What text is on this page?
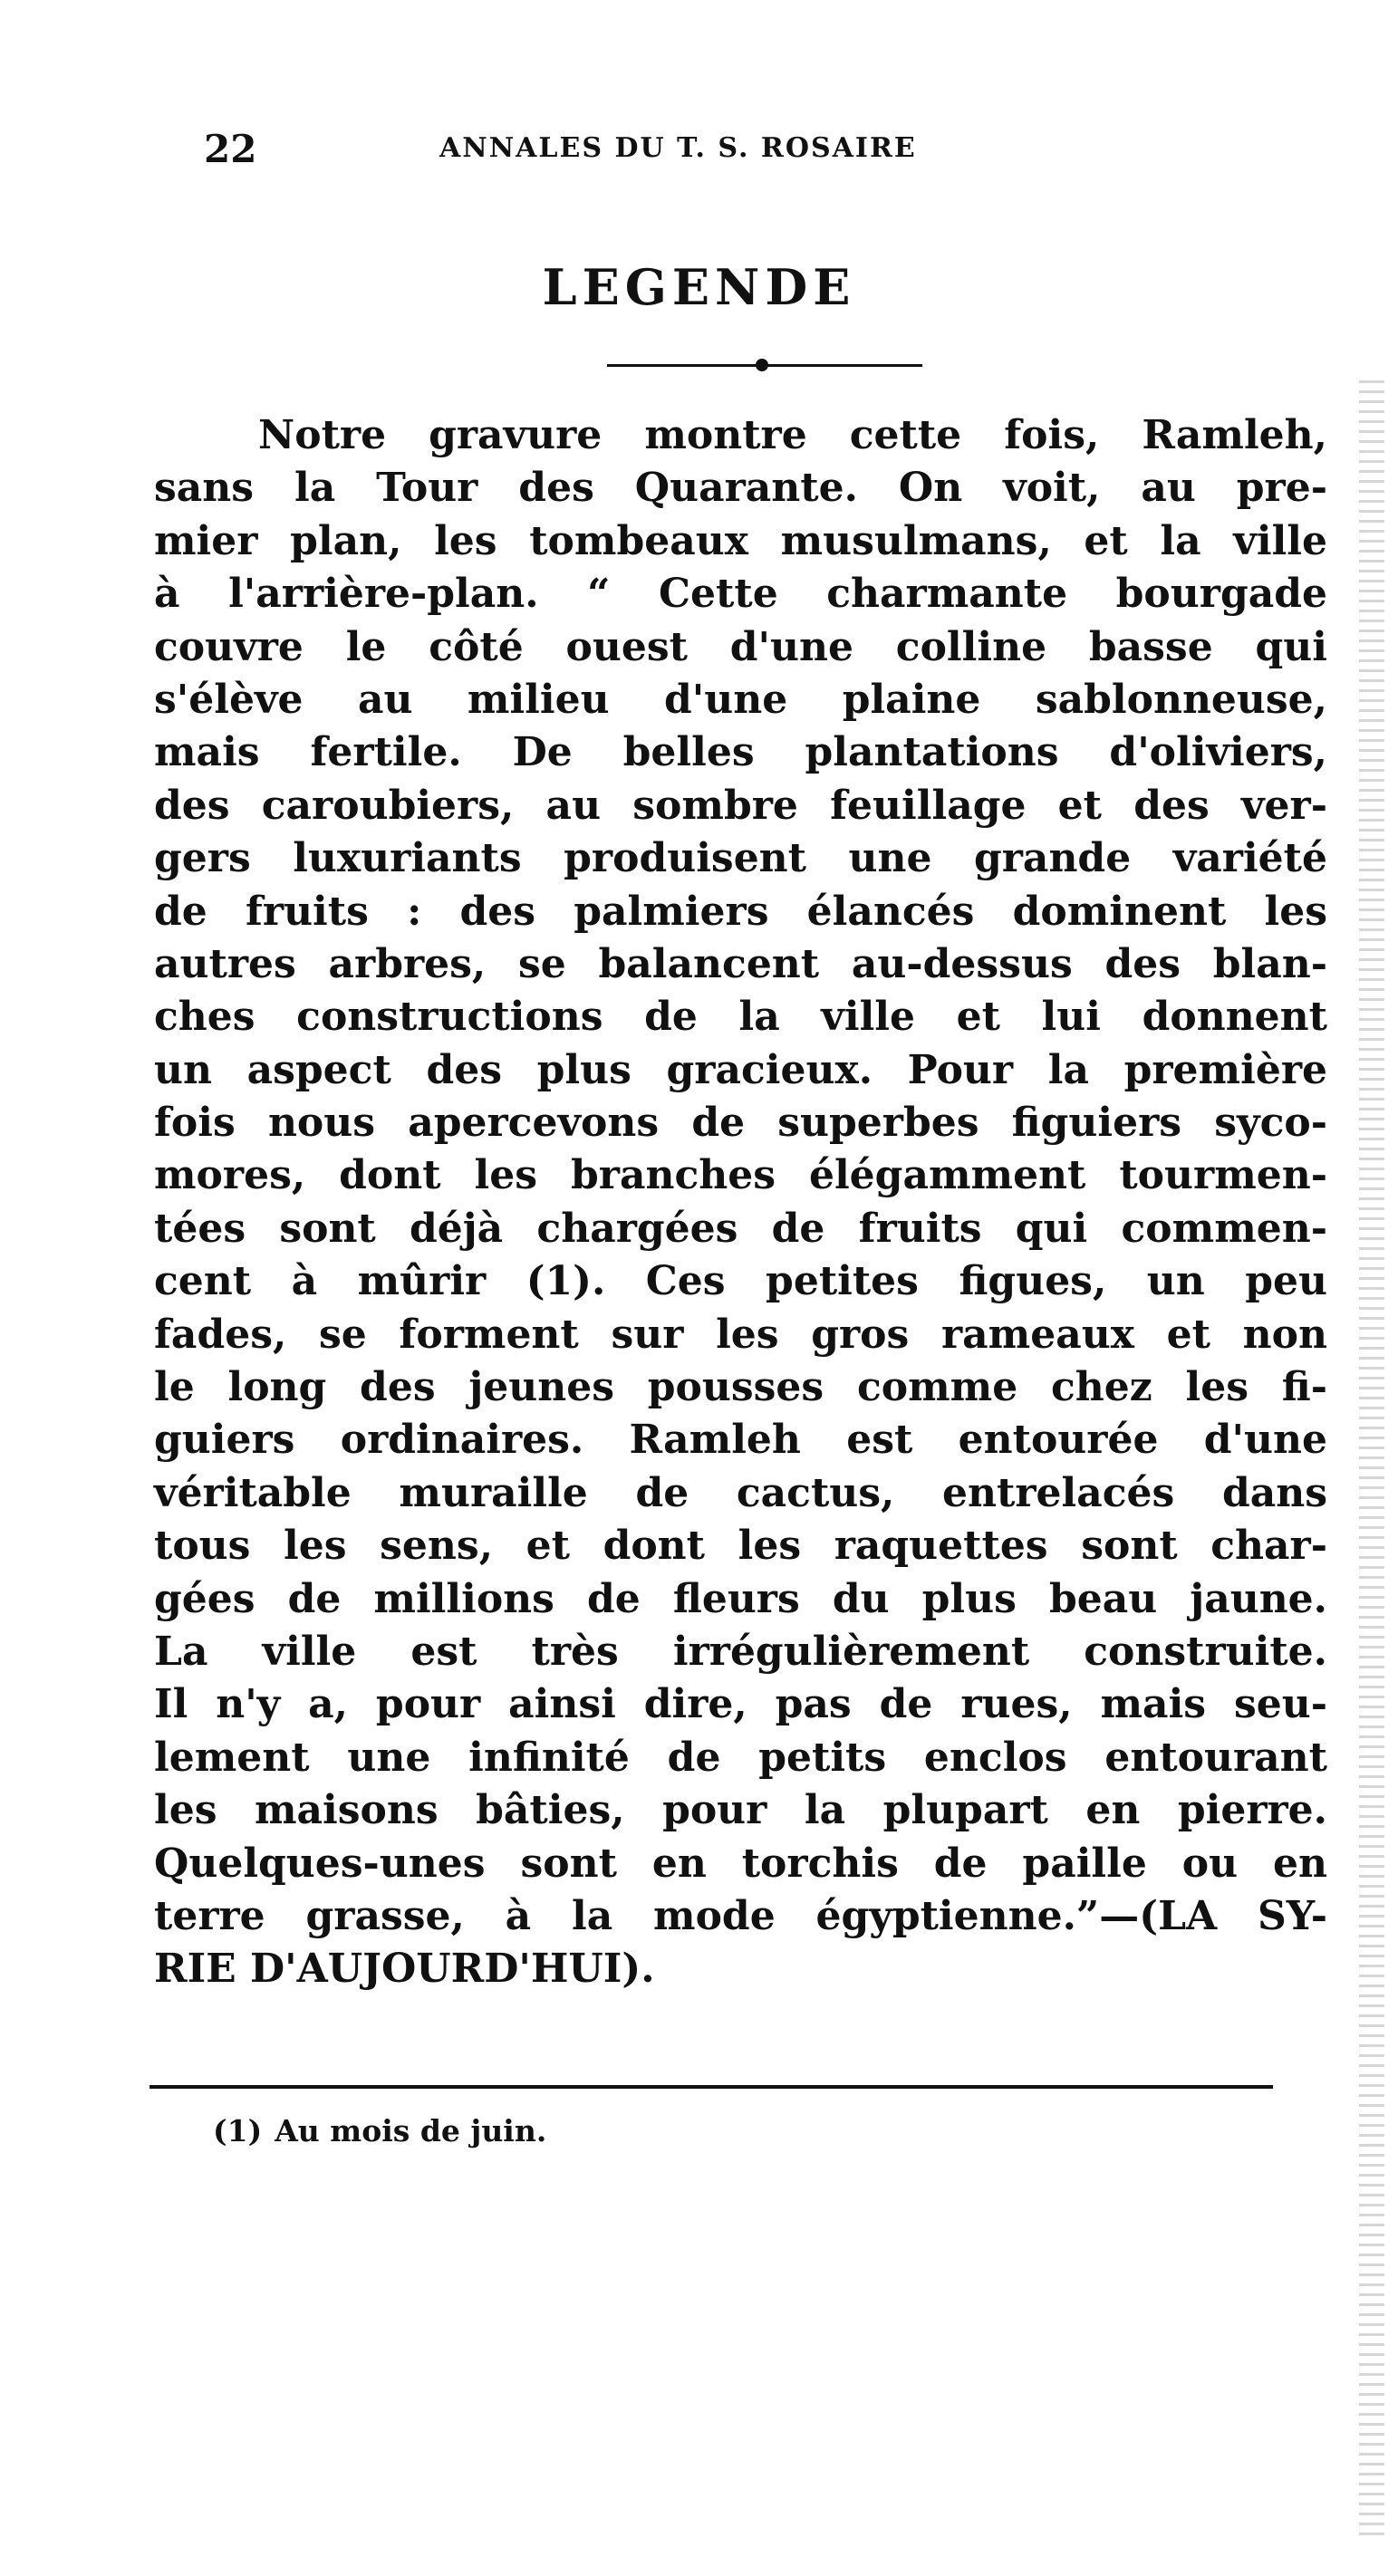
22	ANNALES DU T. S. ROSAIRE
LEGENDE
Notre gravure montre cette fois, Ramleh,
sans la Tour des Quarante. On voit, au pre-
mier plan, les tombeaux musulmans, et la ville
à l'arrière-plan. “ Cette charmante bourgade
couvre le côté ouest d'une colline basse qui
s'élève au milieu d'une plaine sablonneuse,
mais fertile. De belles plantations d'oliviers,
des caroubiers, au sombre feuillage et des ver-
gers luxuriants produisent une grande variété
de fruits : des palmiers élancés dominent les
autres arbres, se balancent au-dessus des blan-
ches constructions de la ville et lui donnent
un aspect des plus gracieux. Pour la première
fois nous apercevons de superbes figuiers syco-
mores, dont les branches élégamment tourmen-
tées sont déjà chargées de fruits qui commen-
cent à mûrir (1). Ces petites figues, un peu
fades, se forment sur les gros rameaux et non
le long des jeunes pousses comme chez les fi-
guiers ordinaires. Ramleh est entourée d'une
véritable muraille de cactus, entrelacés dans
tous les sens, et dont les raquettes sont char-
gées de millions de fleurs du plus beau jaune.
La ville est très irrégulièrement construite.
Il n'y a, pour ainsi dire, pas de rues, mais seu-
lement une infinité de petits enclos entourant
les maisons bâties, pour la plupart en pierre.
Quelques-unes sont en torchis de paille ou en
terre grasse, à la mode égyptienne.”—(LA SY-
RIE D'AUJOURD'HUI).
(1) Au mois de juin.
